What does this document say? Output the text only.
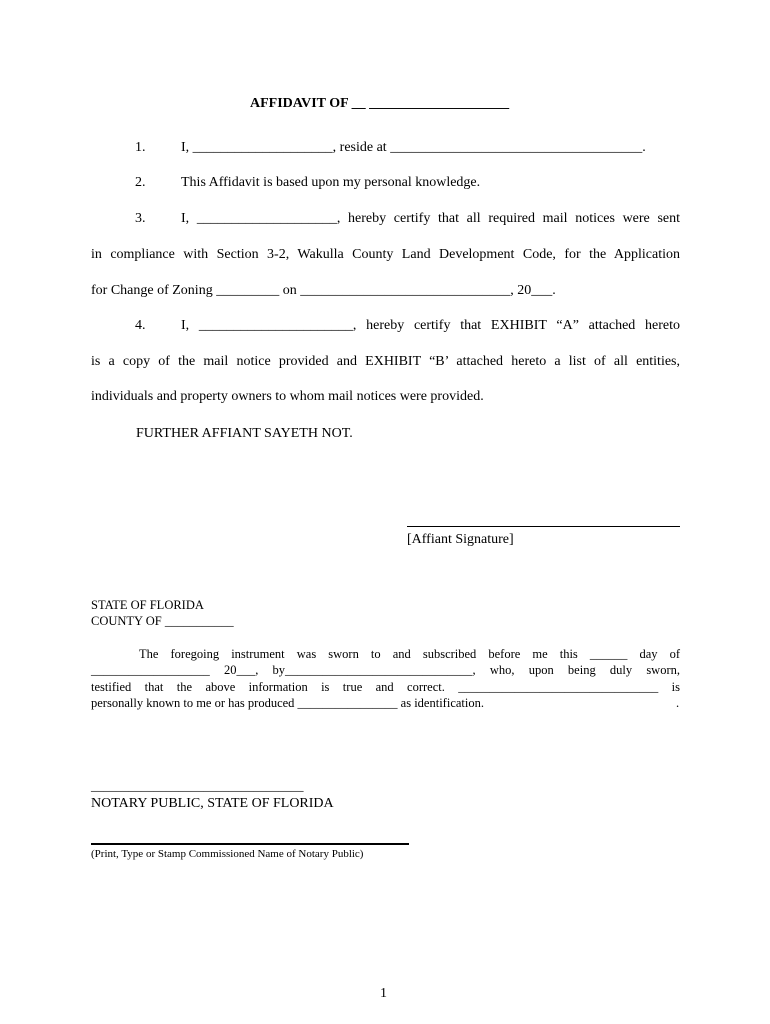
AFFIDAVIT OF __ ____________________
1.	I, ____________________, reside at ____________________________________.
2.	This Affidavit is based upon my personal knowledge.
3.	I, ____________________, hereby certify that all required mail notices were sent
in compliance with Section 3-2, Wakulla County Land Development Code, for the Application
for Change of Zoning _________ on ______________________________, 20___.
4.	I, ______________________, hereby certify that EXHIBIT “A” attached hereto
is a copy of the mail notice provided and EXHIBIT “B’ attached hereto a list of all entities,
individuals and property owners to whom mail notices were provided.
FURTHER AFFIANT SAYETH NOT.
[Affiant Signature]
STATE OF FLORIDA
COUNTY OF ___________
The foregoing instrument was sworn to and subscribed before me this ______ day of
___________________ 20___, by______________________________, who, upon being duly sworn,
testified that the above information is true and correct. ________________________________ is
personally known to me or has produced ________________ as identification.	.
__________________________________
NOTARY PUBLIC, STATE OF FLORIDA
(Print, Type or Stamp Commissioned Name of Notary Public)
1
